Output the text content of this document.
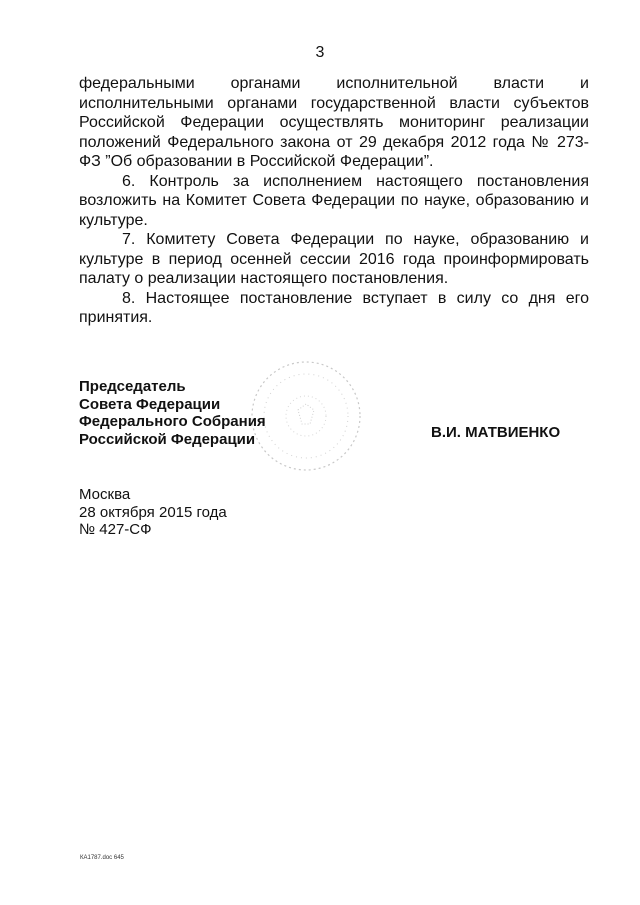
3

федеральными органами исполнительной власти и исполнительными органами государственной власти субъектов Российской Федерации осуществлять мониторинг реализации положений Федерального закона от 29 декабря 2012 года № 273-ФЗ ”Об образовании в Российской Федерации”.

6. Контроль за исполнением настоящего постановления возложить на Комитет Совета Федерации по науке, образованию и культуре.

7. Комитету Совета Федерации по науке, образованию и культуре в период осенней сессии 2016 года проинформировать палату о реализации настоящего постановления.

8. Настоящее постановление вступает в силу со дня его принятия.

Председатель
Совета Федерации
Федерального Собрания
Российской Федерации	В.И. МАТВИЕНКО
Москва
28 октября 2015 года
№ 427-СФ
КА1787.doc 645
